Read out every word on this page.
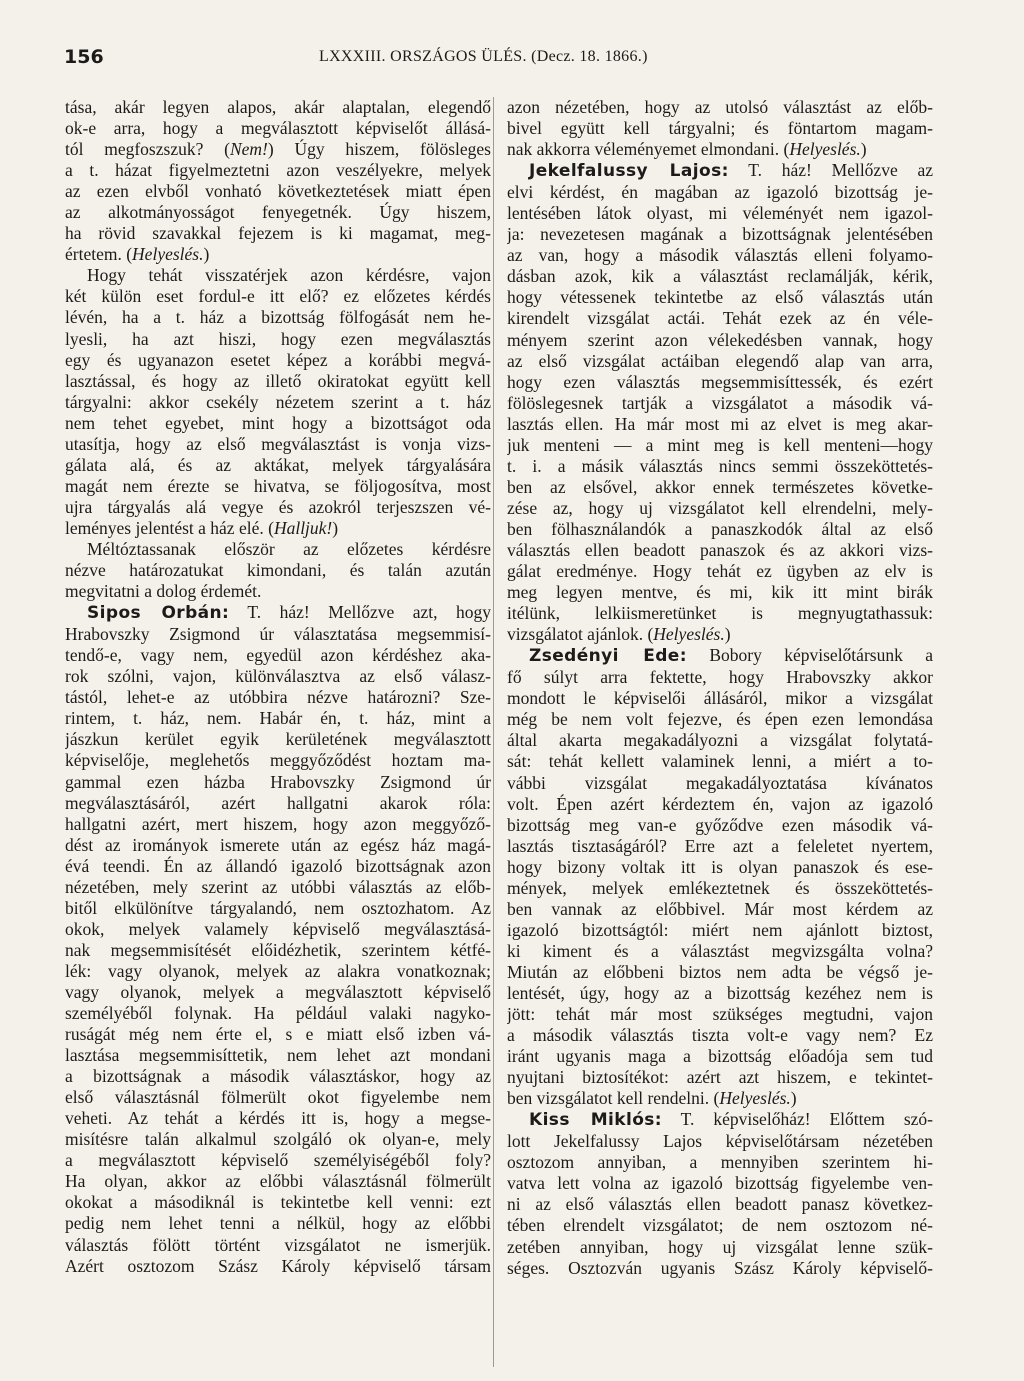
156	LXXXIII. ORSZÁGOS ÜLÉS. (Decz. 18. 1866.)
tása, akár legyen alapos, akár alaptalan, elegendő
ok-e arra, hogy a megválasztott képviselőt állásá-
tól megfoszszuk? (Nem!) Úgy hiszem, fölösleges
a t. házat figyelmeztetni azon veszélyekre, melyek
az ezen elvből vonható következtetések miatt épen
az alkotmányosságot fenyegetnék. Úgy hiszem,
ha rövid szavakkal fejezem is ki magamat, meg-
értetem. (Helyeslés.)
Hogy tehát visszatérjek azon kérdésre, vajon
két külön eset fordul-e itt elő? ez előzetes kérdés
lévén, ha a t. ház a bizottság fölfogását nem he-
lyesli, ha azt hiszi, hogy ezen megválasztás
egy és ugyanazon esetet képez a korábbi megvá-
lasztással, és hogy az illető okiratokat együtt kell
tárgyalni: akkor csekély nézetem szerint a t. ház
nem tehet egyebet, mint hogy a bizottságot oda
utasítja, hogy az első megválasztást is vonja vizs-
gálata alá, és az aktákat, melyek tárgyalására
magát nem érezte se hivatva, se följogosítva, most
ujra tárgyalás alá vegye és azokról terjeszszen vé-
leményes jelentést a ház elé. (Halljuk!)
Méltóztassanak először az előzetes kérdésre
nézve határozatukat kimondani, és talán azután
megvitatni a dolog érdemét.
Sipos Orbán: T. ház! Mellőzve azt, hogy
Hrabovszky Zsigmond úr választatása megsemmisí-
tendő-e, vagy nem, egyedül azon kérdéshez aka-
rok szólni, vajon, különválasztva az első válasz-
tástól, lehet-e az utóbbira nézve határozni? Sze-
rintem, t. ház, nem. Habár én, t. ház, mint a
jászkun kerület egyik kerületének megválasztott
képviselője, meglehetős meggyőződést hoztam ma-
gammal ezen házba Hrabovszky Zsigmond úr
megválasztásáról, azért hallgatni akarok róla:
hallgatni azért, mert hiszem, hogy azon meggyőző-
dést az irományok ismerete után az egész ház magá-
évá teendi. Én az állandó igazoló bizottságnak azon
nézetében, mely szerint az utóbbi választás az előb-
bitől elkülönítve tárgyalandó, nem osztozhatom. Az
okok, melyek valamely képviselő megválasztásá-
nak megsemmisítését előidézhetik, szerintem kétfé-
lék: vagy olyanok, melyek az alakra vonatkoznak;
vagy olyanok, melyek a megválasztott képviselő
személyéből folynak. Ha például valaki nagyko-
ruságát még nem érte el, s e miatt első izben vá-
lasztása megsemmisíttetik, nem lehet azt mondani
a bizottságnak a második választáskor, hogy az
első választásnál fölmerült okot figyelembe nem
veheti. Az tehát a kérdés itt is, hogy a megse-
misítésre talán alkalmul szolgáló ok olyan-e, mely
a megválasztott képviselő személyiségéből foly?
Ha olyan, akkor az előbbi választásnál fölmerült
okokat a másodiknál is tekintetbe kell venni: ezt
pedig nem lehet tenni a nélkül, hogy az előbbi
választás fölött történt vizsgálatot ne ismerjük.
Azért osztozom Szász Károly képviselő társam
azon nézetében, hogy az utolsó választást az előb-
bivel együtt kell tárgyalni; és föntartom magam-
nak akkorra véleményemet elmondani. (Helyeslés.)
Jekelfalussy Lajos: T. ház! Mellőzve az
elvi kérdést, én magában az igazoló bizottság je-
lentésében látok olyast, mi véleményét nem igazol-
ja: nevezetesen magának a bizottságnak jelentésében
az van, hogy a második választás elleni folyamo-
dásban azok, kik a választást reclamálják, kérik,
hogy vétessenek tekintetbe az első választás után
kirendelt vizsgálat actái. Tehát ezek az én véle-
ményem szerint azon vélekedésben vannak, hogy
az első vizsgálat actáiban elegendő alap van arra,
hogy ezen választás megsemmisíttessék, és ezért
fölöslegesnek tartják a vizsgálatot a második vá-
lasztás ellen. Ha már most mi az elvet is meg akar-
juk menteni — a mint meg is kell menteni—hogy
t. i. a másik választás nincs semmi összeköttetés-
ben az elsővel, akkor ennek természetes követke-
zése az, hogy uj vizsgálatot kell elrendelni, mely-
ben fölhasználandók a panaszkodók által az első
választás ellen beadott panaszok és az akkori vizs-
gálat eredménye. Hogy tehát ez ügyben az elv is
meg legyen mentve, és mi, kik itt mint birák
itélünk, lelkiismeretünket is megnyugtathassuk:
vizsgálatot ajánlok. (Helyeslés.)
Zsedényi Ede: Bobory képviselőtársunk a
fő súlyt arra fektette, hogy Hrabovszky akkor
mondott le képviselői állásáról, mikor a vizsgálat
még be nem volt fejezve, és épen ezen lemondása
által akarta megakadályozni a vizsgálat folytatá-
sát: tehát kellett valaminek lenni, a miért a to-
vábbi vizsgálat megakadályoztatása kívánatos
volt. Épen azért kérdeztem én, vajon az igazoló
bizottság meg van-e győződve ezen második vá-
lasztás tisztaságáról? Erre azt a feleletet nyertem,
hogy bizony voltak itt is olyan panaszok és ese-
mények, melyek emlékeztetnek és összeköttetés-
ben vannak az előbbivel. Már most kérdem az
igazoló bizottságtól: miért nem ajánlott biztost,
ki kiment és a választást megvizsgálta volna?
Miután az előbbeni biztos nem adta be végső je-
lentését, úgy, hogy az a bizottság kezéhez nem is
jött: tehát már most szükséges megtudni, vajon
a második választás tiszta volt-e vagy nem? Ez
iránt ugyanis maga a bizottság előadója sem tud
nyujtani biztosítékot: azért azt hiszem, e tekintet-
ben vizsgálatot kell rendelni. (Helyeslés.)
Kiss Miklós: T. képviselőház! Előttem szó-
lott Jekelfalussy Lajos képviselőtársam nézetében
osztozom annyiban, a mennyiben szerintem hi-
vatva lett volna az igazoló bizottság figyelembe ven-
ni az első választás ellen beadott panasz következ-
tében elrendelt vizsgálatot; de nem osztozom né-
zetében annyiban, hogy uj vizsgálat lenne szük-
séges. Osztozván ugyanis Szász Károly képviselő-
